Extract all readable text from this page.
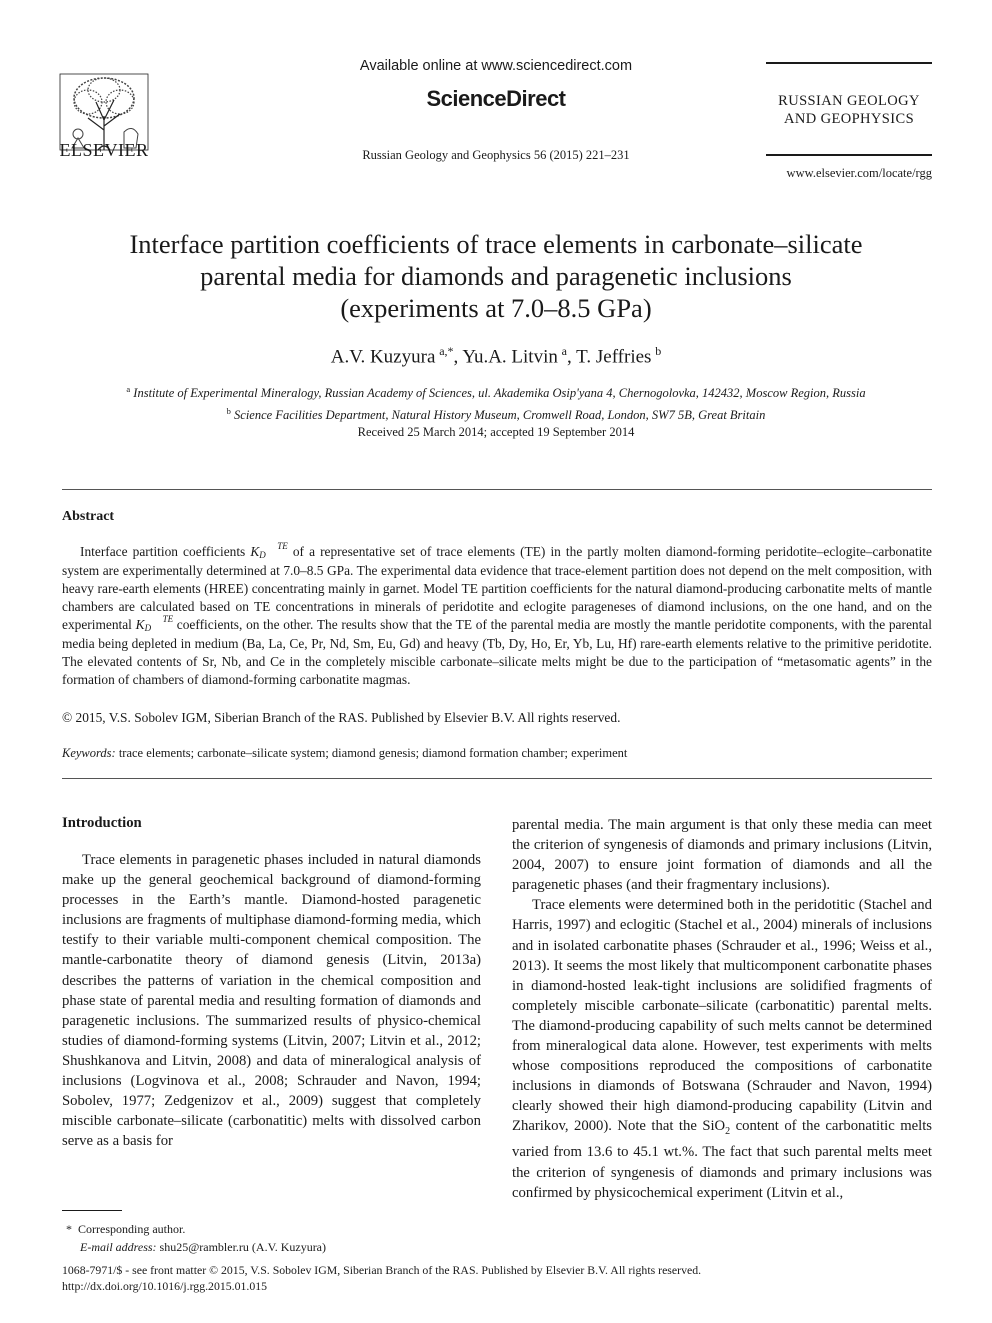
ELSEVIER
Available online at www.sciencedirect.com
ScienceDirect
Russian Geology and Geophysics 56 (2015) 221–231
RUSSIAN GEOLOGY
AND GEOPHYSICS
www.elsevier.com/locate/rgg
Interface partition coefficients of trace elements in carbonate–silicate
parental media for diamonds and paragenetic inclusions
(experiments at 7.0–8.5 GPa)
A.V. Kuzyura  $^{a,*}$, Yu.A. Litvin  $^a$, T. Jeffries  $^b$
$^a$ Institute of Experimental Mineralogy, Russian Academy of Sciences, ul. Akademika Osip'yana 4, Chernogolovka, 142432, Moscow Region, Russia
$^b$ Science Facilities Department, Natural History Museum, Cromwell Road, London, SW7 5B, Great Britain
Received 25 March 2014; accepted 19 September 2014
Abstract

Interface partition coefficients K TE
D of a representative set of trace elements (TE) in the partly molten diamond-forming peridotite–eclogite–carbonatite system are experimentally determined at 7.0–8.5 GPa. The experimental data evidence that trace-element partition does not depend on the melt composition, with heavy rare-earth elements (HREE) concentrating mainly in garnet. Model TE partition coefficients for the natural diamond-producing carbonatite melts of mantle chambers are calculated based on TE concentrations in minerals of peridotite and eclogite parageneses of diamond inclusions, on the one hand, and on the experimental K TE
D coefficients, on the other. The results show that the TE of the parental media are mostly the mantle peridotite components, with the parental media being depleted in medium (Ba, La, Ce, Pr, Nd, Sm, Eu, Gd) and heavy (Tb, Dy, Ho, Er, Yb, Lu, Hf) rare-earth elements relative to the primitive peridotite. The elevated contents of Sr, Nb, and Ce in the completely miscible carbonate–silicate melts might be due to the participation of “metasomatic agents” in the formation of chambers of diamond-forming carbonatite magmas.

© 2015, V.S. Sobolev IGM, Siberian Branch of the RAS. Published by Elsevier B.V. All rights reserved.
Keywords: trace elements; carbonate–silicate system; diamond genesis; diamond formation chamber; experiment
Introduction

Trace elements in paragenetic phases included in natural diamonds make up the general geochemical background of diamond-forming processes in the Earth’s mantle. Diamond-hosted paragenetic inclusions are fragments of multiphase diamond-forming media, which testify to their variable multi-component chemical composition. The mantle-carbonatite theory of diamond genesis (Litvin, 2013a) describes the patterns of variation in the chemical composition and phase state of parental media and resulting formation of diamonds and paragenetic inclusions. The summarized results of physico-chemical studies of diamond-forming systems (Litvin, 2007; Litvin et al., 2012; Shushkanova and Litvin, 2008) and data of mineralogical analysis of inclusions (Logvinova et al., 2008; Schrauder and Navon, 1994; Sobolev, 1977; Zedgenizov et al., 2009) suggest that completely miscible carbonate–silicate (carbonatitic) melts with dissolved carbon serve as a basis for

parental media. The main argument is that only these media can meet the criterion of syngenesis of diamonds and primary inclusions (Litvin, 2004, 2007) to ensure joint formation of diamonds and all the paragenetic phases (and their fragmentary inclusions).

Trace elements were determined both in the peridotitic (Stachel and Harris, 1997) and eclogitic (Stachel et al., 2004) minerals of inclusions and in isolated carbonatite phases (Schrauder et al., 1996; Weiss et al., 2013). It seems the most likely that multicomponent carbonatite phases in diamond-hosted leak-tight inclusions are solidified fragments of completely miscible carbonate–silicate (carbonatitic) parental melts. The diamond-producing capability of such melts cannot be determined from mineralogical data alone. However, test experiments with melts whose compositions reproduced the compositions of carbonatite inclusions in diamonds of Botswana (Schrauder and Navon, 1994) clearly showed their high diamond-producing capability (Litvin and Zharikov, 2000). Note that the SiO$_2$ content of the carbonatitic melts varied from 13.6 to 45.1 wt.%. The fact that such parental melts meet the criterion of syngenesis of diamonds and primary inclusions was confirmed by physicochemical experiment (Litvin et al.,

* Corresponding author.
E-mail address: shu25@rambler.ru (A.V. Kuzyura)
1068-7971/$ - see front matter © 2015, V.S. Sobolev IGM, Siberian Branch of the RAS. Published by Elsevier B.V. All rights reserved.
http://dx.doi.org/10.1016/j.rgg.2015.01.015
